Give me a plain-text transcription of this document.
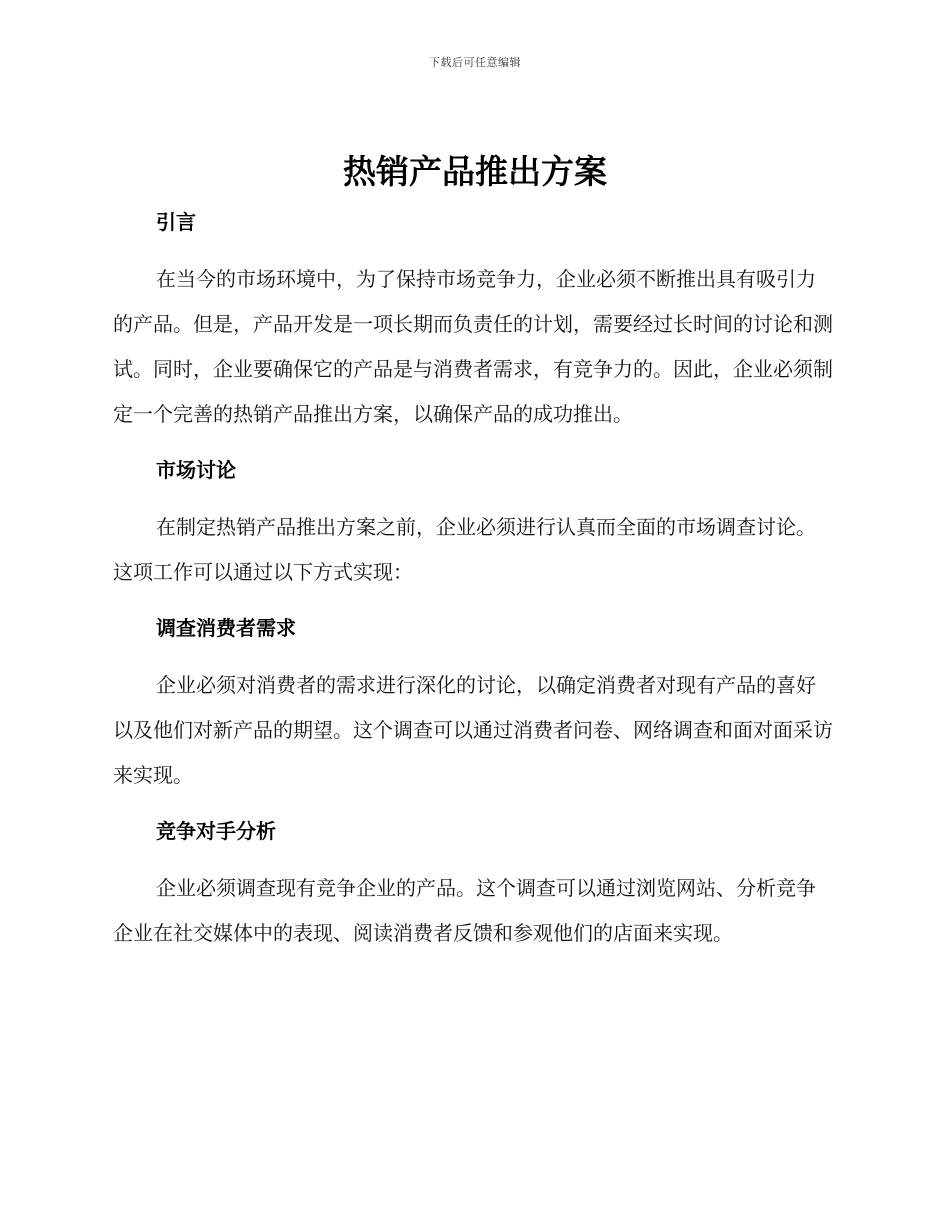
下载后可任意编辑
热销产品推出方案
引言

在当今的市场环境中，为了保持市场竞争力，企业必须不断推出具有吸引力的产品。但是，产品开发是一项长期而负责任的计划，需要经过长时间的讨论和测试。同时，企业要确保它的产品是与消费者需求，有竞争力的。因此，企业必须制定一个完善的热销产品推出方案，以确保产品的成功推出。

市场讨论

在制定热销产品推出方案之前，企业必须进行认真而全面的市场调查讨论。这项工作可以通过以下方式实现：

调查消费者需求

企业必须对消费者的需求进行深化的讨论，以确定消费者对现有产品的喜好以及他们对新产品的期望。这个调查可以通过消费者问卷、网络调查和面对面采访来实现。

竞争对手分析

企业必须调查现有竞争企业的产品。这个调查可以通过浏览网站、分析竞争企业在社交媒体中的表现、阅读消费者反馈和参观他们的店面来实现。
